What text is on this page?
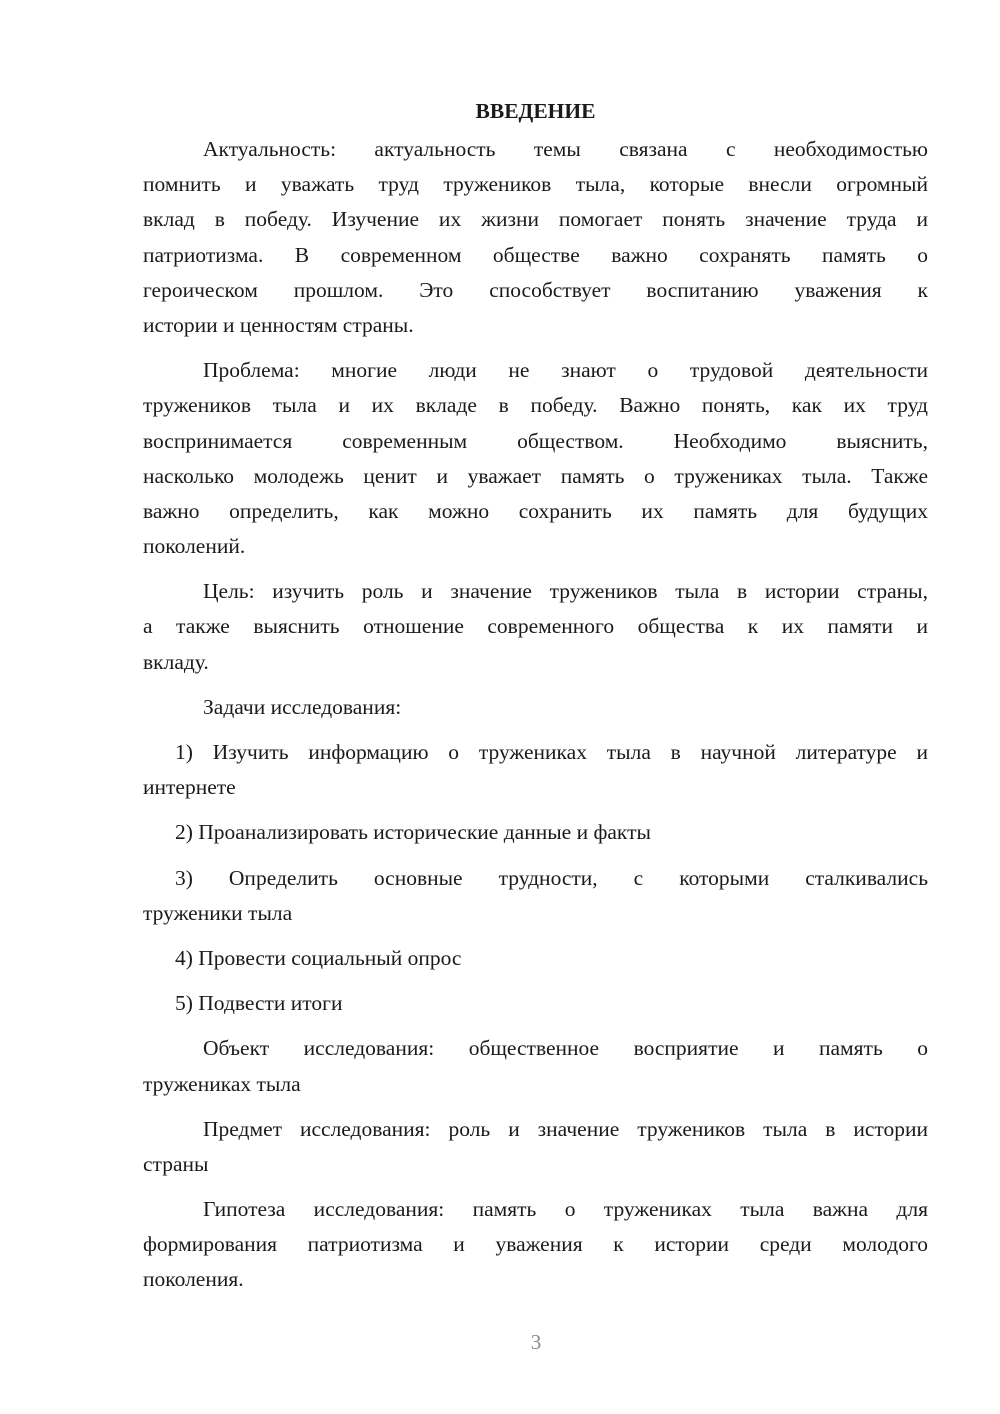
ВВЕДЕНИЕ
Актуальность: актуальность темы связана с необходимостью
помнить и уважать труд тружеников тыла, которые внесли огромный
вклад в победу. Изучение их жизни помогает понять значение труда и
патриотизма. В современном обществе важно сохранять память о
героическом прошлом. Это способствует воспитанию уважения к
истории и ценностям страны.
Проблема: многие люди не знают о трудовой деятельности
тружеников тыла и их вкладе в победу. Важно понять, как их труд
воспринимается современным обществом. Необходимо выяснить,
насколько молодежь ценит и уважает память о тружениках тыла. Также
важно определить, как можно сохранить их память для будущих
поколений.
Цель: изучить роль и значение тружеников тыла в истории страны,
а также выяснить отношение современного общества к их памяти и
вкладу.
Задачи исследования:
1) Изучить информацию о тружениках тыла в научной литературе и
интернете
2) Проанализировать исторические данные и факты
3) Определить основные трудности, с которыми сталкивались
труженики тыла
4) Провести социальный опрос
5) Подвести итоги
Объект исследования: общественное восприятие и память о
тружениках тыла
Предмет исследования: роль и значение тружеников тыла в истории
страны
Гипотеза исследования: память о тружениках тыла важна для
формирования патриотизма и уважения к истории среди молодого
поколения.
3
